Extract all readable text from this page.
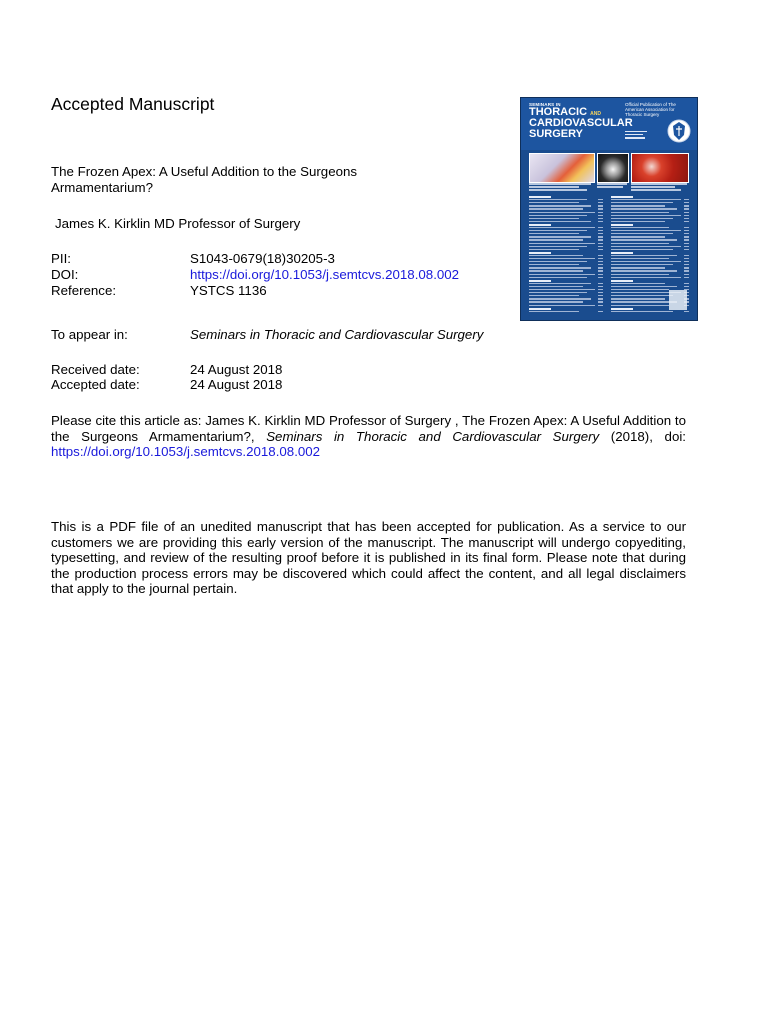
Accepted Manuscript
The Frozen Apex: A Useful Addition to the Surgeons Armamentarium?
James K. Kirklin MD Professor of Surgery
PII:	S1043-0679(18)30205-3
DOI:	https://doi.org/10.1053/j.semtcvs.2018.08.002
Reference:	YSTCS 1136
To appear in:	Seminars in Thoracic and Cardiovascular Surgery
Received date:	24 August 2018
Accepted date:	24 August 2018
Please cite this article as: James K. Kirklin MD Professor of Surgery , The Frozen Apex: A Useful Addition to the Surgeons Armamentarium?, Seminars in Thoracic and Cardiovascular Surgery (2018), doi: https://doi.org/10.1053/j.semtcvs.2018.08.002
This is a PDF file of an unedited manuscript that has been accepted for publication. As a service to our customers we are providing this early version of the manuscript. The manuscript will undergo copyediting, typesetting, and review of the resulting proof before it is published in its final form. Please note that during the production process errors may be discovered which could affect the content, and all legal disclaimers that apply to the journal pertain.
SEMINARS IN
THORACIC AND
CARDIOVASCULAR
SURGERY
Official Publication of The American Association for Thoracic Surgery
